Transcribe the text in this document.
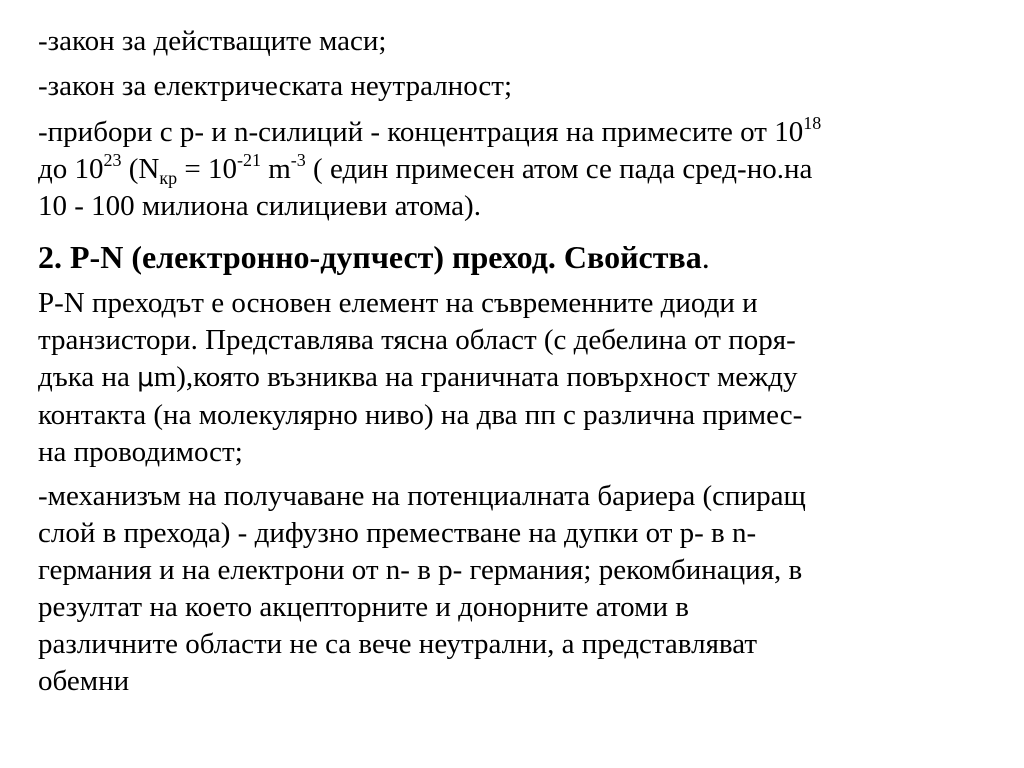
-закон за действащите маси;
-закон за електрическата неутралност;
-прибори с p- и n-силиций - концентрация на примесите от $10^{18}$
до $10^{23}$ ($N_{кр} = 10^{-21}$ $m^{-3}$ ( един примесен атом се пада сред-но.на
10 - 100 милиона силициеви атома).
2. P-N (електронно-дупчест) преход. Свойства.
P-N преходът е основен елемент на съвременните диоди и
транзистори. Представлява тясна област (с дебелина от поря-
дъка на μm),която възниква на граничната повърхност между
контакта (на молекулярно ниво) на два пп с различна примес-
на проводимост;
-механизъм на получаване на потенциалната бариера (спиращ
слой в прехода) - дифузно преместване на дупки от p- в n-
германия и на електрони от n- в p- германия; рекомбинация, в
резултат на което акцепторните и донорните атоми в
различните области не са вече неутрални, а представляват
обемни
